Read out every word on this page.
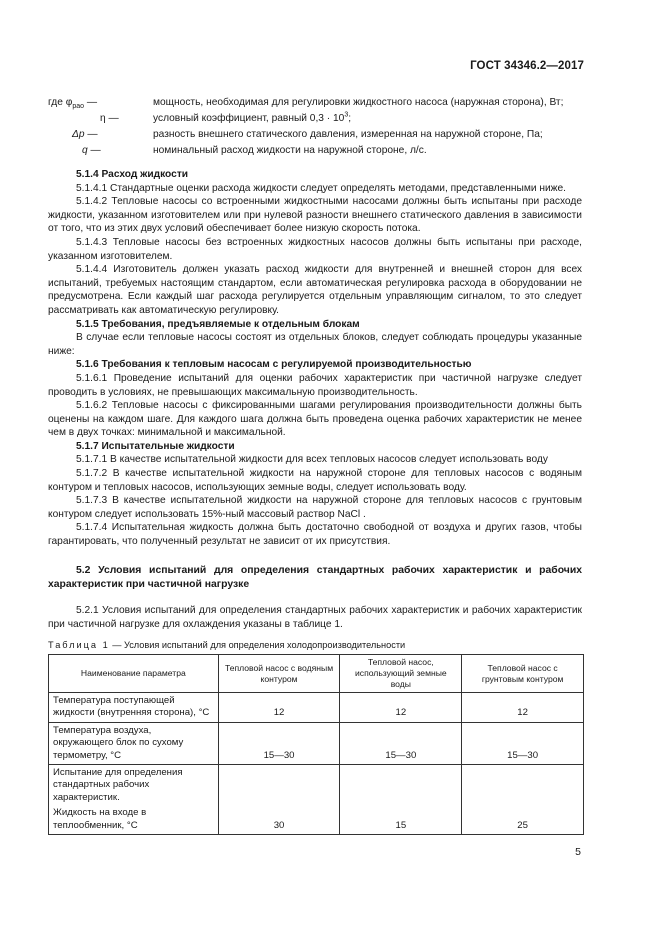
ГОСТ 34346.2—2017
где $\varphi_{pao}$ —	мощность, необходимая для регулировки жидкостного насоса (наружная сторона), Вт;
η —	условный коэффициент, равный $0,3 \cdot 10^3$;
Δp —	разность внешнего статического давления, измеренная на наружной стороне, Па;
q —	номинальный расход жидкости на наружной стороне, л/с.

5.1.4 Расход жидкости

5.1.4.1 Стандартные оценки расхода жидкости следует определять методами, представленными ниже.

5.1.4.2 Тепловые насосы со встроенными жидкостными насосами должны быть испытаны при расходе жидкости, указанном изготовителем или при нулевой разности внешнего статического давления в зависимости от того, что из этих двух условий обеспечивает более низкую скорость потока.

5.1.4.3 Тепловые насосы без встроенных жидкостных насосов должны быть испытаны при расходе, указанном изготовителем.

5.1.4.4 Изготовитель должен указать расход жидкости для внутренней и внешней сторон для всех испытаний, требуемых настоящим стандартом, если автоматическая регулировка расхода в оборудовании не предусмотрена. Если каждый шаг расхода регулируется отдельным управляющим сигналом, то это следует рассматривать как автоматическую регулировку.

5.1.5 Требования, предъявляемые к отдельным блокам

В случае если тепловые насосы состоят из отдельных блоков, следует соблюдать процедуры указанные ниже:

5.1.6 Требования к тепловым насосам с регулируемой производительностью

5.1.6.1 Проведение испытаний для оценки рабочих характеристик при частичной нагрузке следует проводить в условиях, не превышающих максимальную производительность.

5.1.6.2 Тепловые насосы с фиксированными шагами регулирования производительности должны быть оценены на каждом шаге. Для каждого шага должна быть проведена оценка рабочих характеристик не менее чем в двух точках: минимальной и максимальной.

5.1.7 Испытательные жидкости

5.1.7.1 В качестве испытательной жидкости для всех тепловых насосов следует использовать воду

5.1.7.2 В качестве испытательной жидкости на наружной стороне для тепловых насосов с водяным контуром и тепловых насосов, использующих земные воды, следует использовать воду.

5.1.7.3 В качестве испытательной жидкости на наружной стороне для тепловых насосов с грунтовым контуром следует использовать 15%-ный массовый раствор NaCl .

5.1.7.4 Испытательная жидкость должна быть достаточно свободной от воздуха и других газов, чтобы гарантировать, что полученный результат не зависит от их присутствия.

5.2 Условия испытаний для определения стандартных рабочих характеристик и рабочих характеристик при частичной нагрузке

5.2.1 Условия испытаний для определения стандартных рабочих характеристик и рабочих характеристик при частичной нагрузке для охлаждения указаны в таблице 1.

Таблица 1 — Условия испытаний для определения холодопроизводительности
Наименование параметра	Тепловой насос с водяным контуром	Тепловой насос, использующий земные воды	Тепловой насос с грунтовым контуром
Температура поступающей жидкости (внутренняя сторона), °С	12	12	12
Температура воздуха, окружающего блок по сухому термометру, °С	15—30	15—30	15—30

Испытание для определения стандартных рабочих характеристик.
Жидкость на входе в теплообменник, °С	30	15	25
5
